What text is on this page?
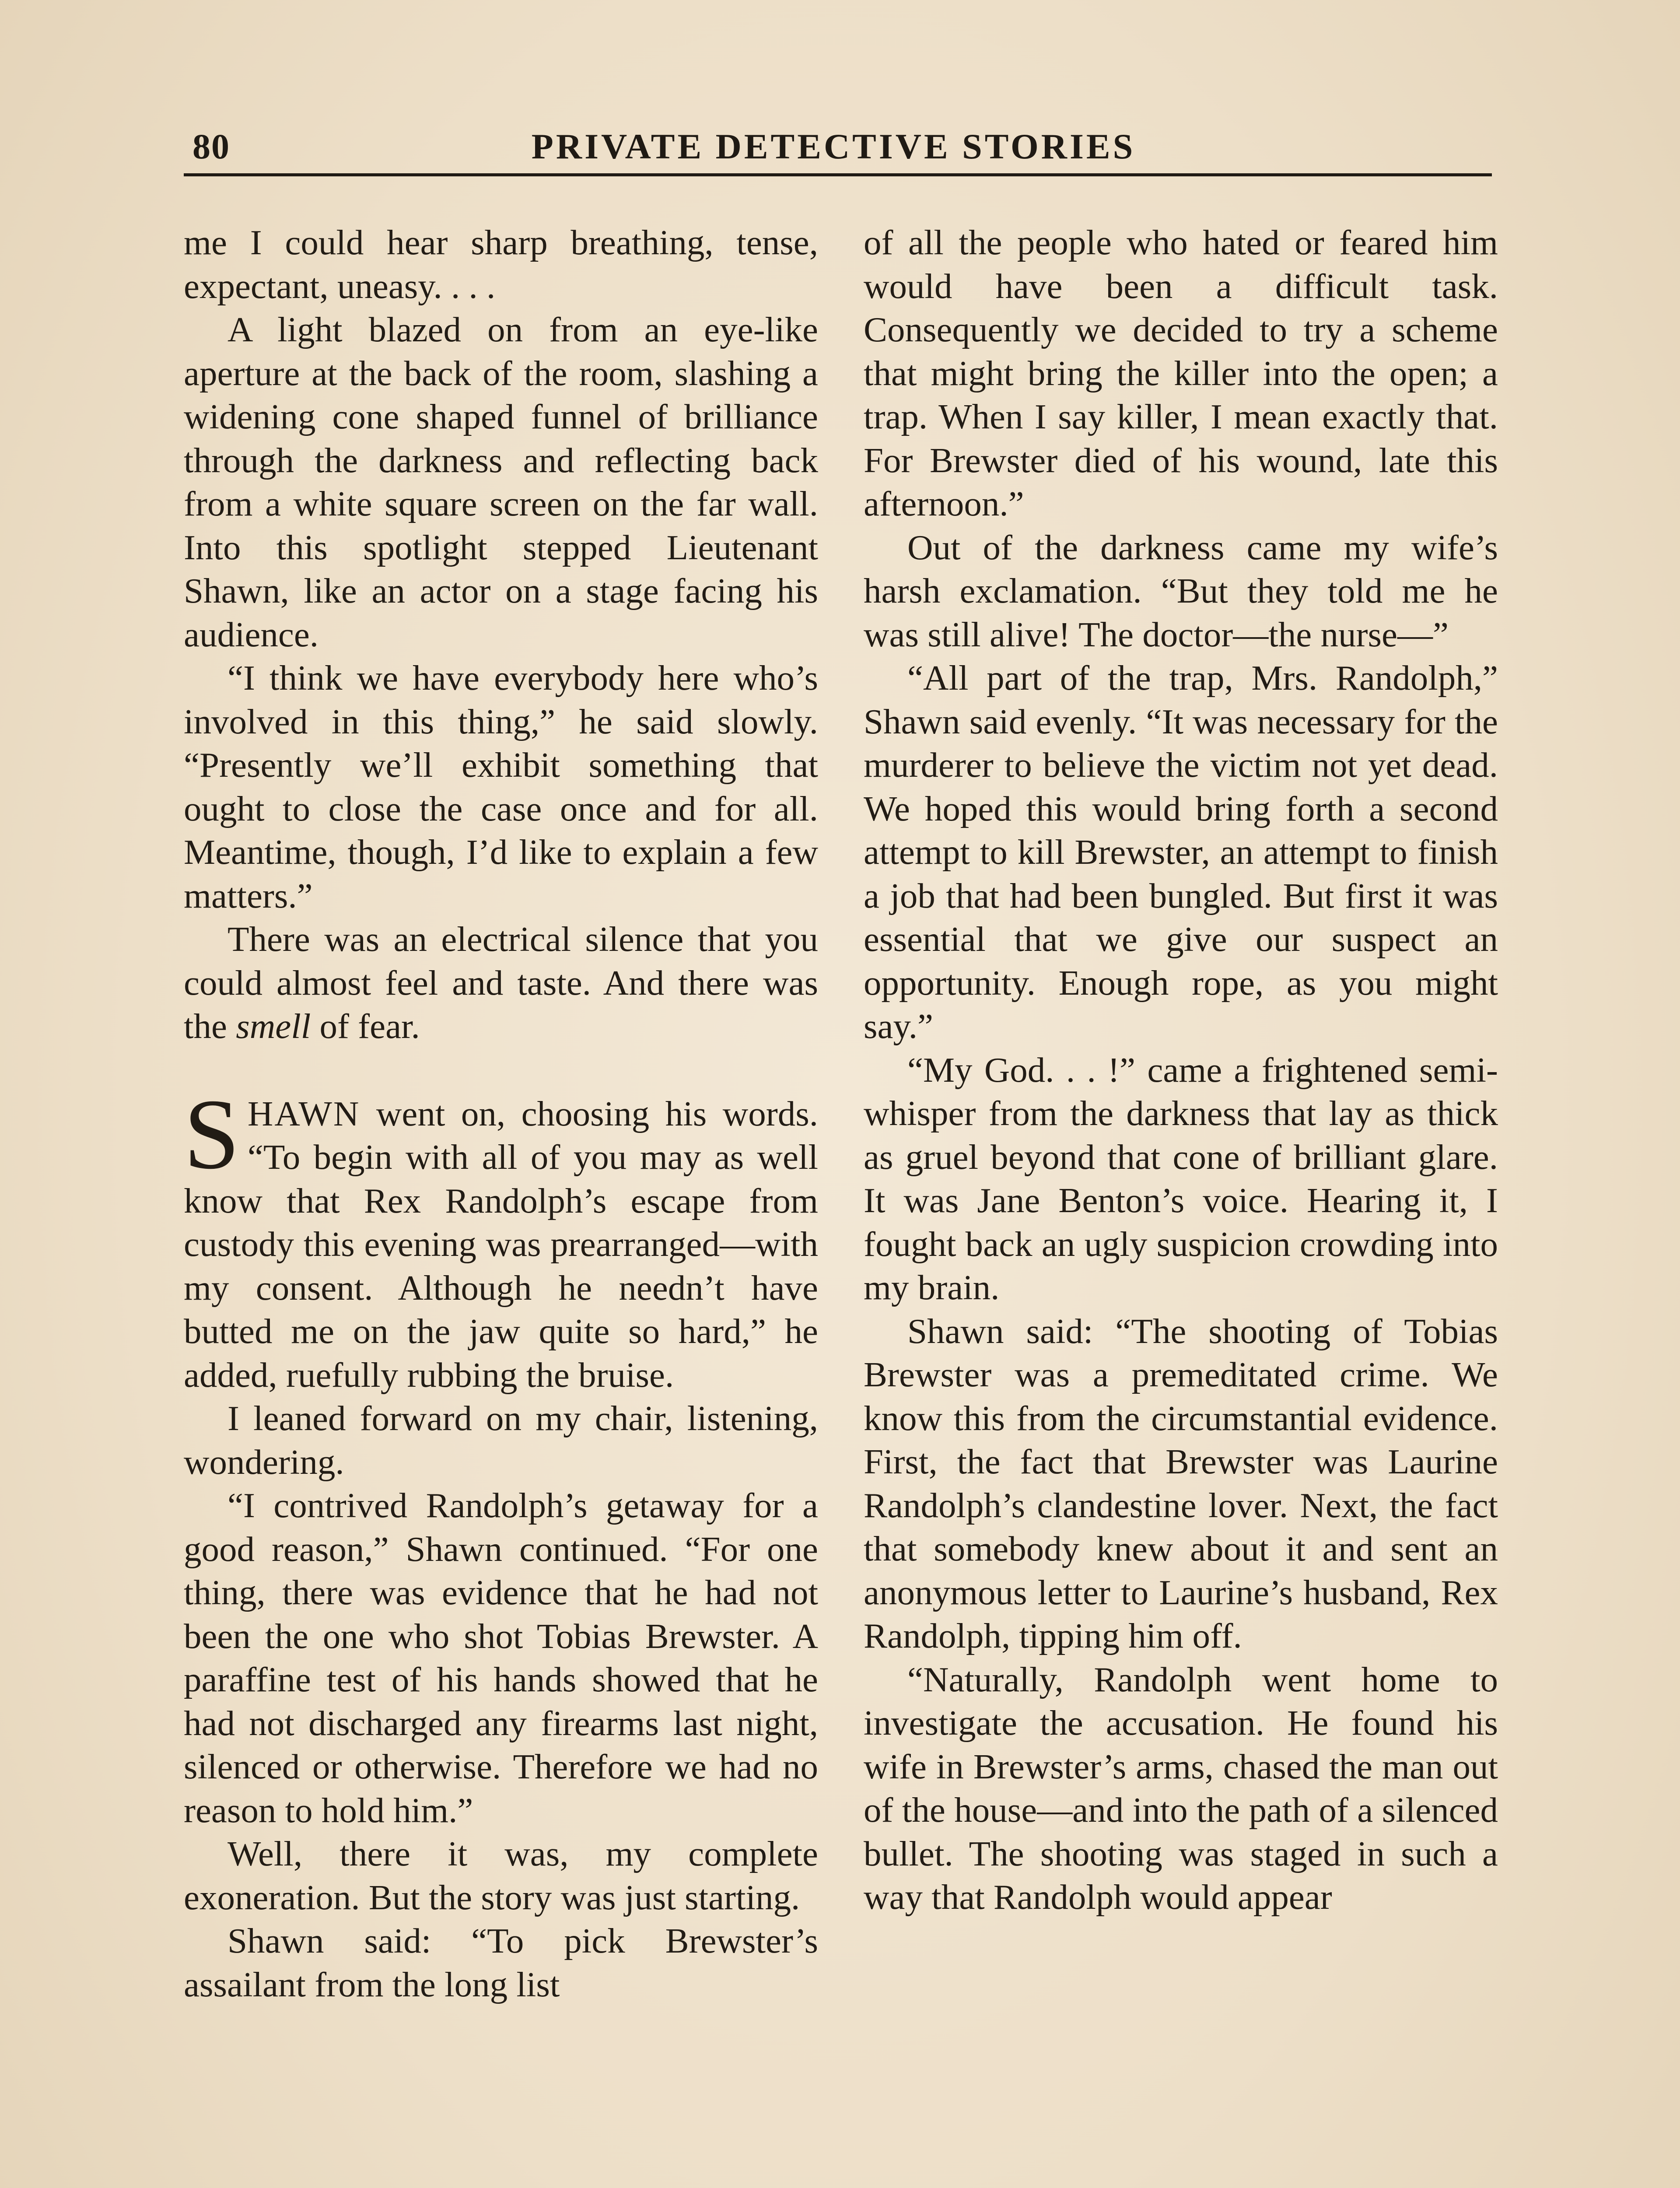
80	PRIVATE DETECTIVE STORIES

me I could hear sharp breathing, tense, expectant, uneasy. . . .

A light blazed on from an eye-like aperture at the back of the room, slashing a widening cone shaped funnel of brilliance through the darkness and reflecting back from a white square screen on the far wall. Into this spotlight stepped Lieutenant Shawn, like an actor on a stage facing his audience.

“I think we have everybody here who’s involved in this thing,” he said slowly. “Presently we’ll exhibit something that ought to close the case once and for all. Meantime, though, I’d like to explain a few matters.”

There was an electrical silence that you could almost feel and taste. And there was the smell of fear.

SHAWN went on, choosing his words. “To begin with all of you may as well know that Rex Randolph’s escape from custody this evening was prearranged—with my consent. Although he needn’t have butted me on the jaw quite so hard,” he added, ruefully rubbing the bruise.

I leaned forward on my chair, listening, wondering.

“I contrived Randolph’s getaway for a good reason,” Shawn continued. “For one thing, there was evidence that he had not been the one who shot Tobias Brewster. A paraffine test of his hands showed that he had not discharged any firearms last night, silenced or otherwise. Therefore we had no reason to hold him.”

Well, there it was, my complete exoneration. But the story was just starting.

Shawn said: “To pick Brewster’s assailant from the long list

of all the people who hated or feared him would have been a difficult task. Consequently we decided to try a scheme that might bring the killer into the open; a trap. When I say killer, I mean exactly that. For Brewster died of his wound, late this afternoon.”

Out of the darkness came my wife’s harsh exclamation. “But they told me he was still alive! The doctor—the nurse—”

“All part of the trap, Mrs. Randolph,” Shawn said evenly. “It was necessary for the murderer to believe the victim not yet dead. We hoped this would bring forth a second attempt to kill Brewster, an attempt to finish a job that had been bungled. But first it was essential that we give our suspect an opportunity. Enough rope, as you might say.”

“My God. . . !” came a frightened semi-whisper from the darkness that lay as thick as gruel beyond that cone of brilliant glare. It was Jane Benton’s voice. Hearing it, I fought back an ugly suspicion crowding into my brain.

Shawn said: “The shooting of Tobias Brewster was a premeditated crime. We know this from the circumstantial evidence. First, the fact that Brewster was Laurine Randolph’s clandestine lover. Next, the fact that somebody knew about it and sent an anonymous letter to Laurine’s husband, Rex Randolph, tipping him off.

“Naturally, Randolph went home to investigate the accusation. He found his wife in Brewster’s arms, chased the man out of the house—and into the path of a silenced bullet. The shooting was staged in such a way that Randolph would appear
